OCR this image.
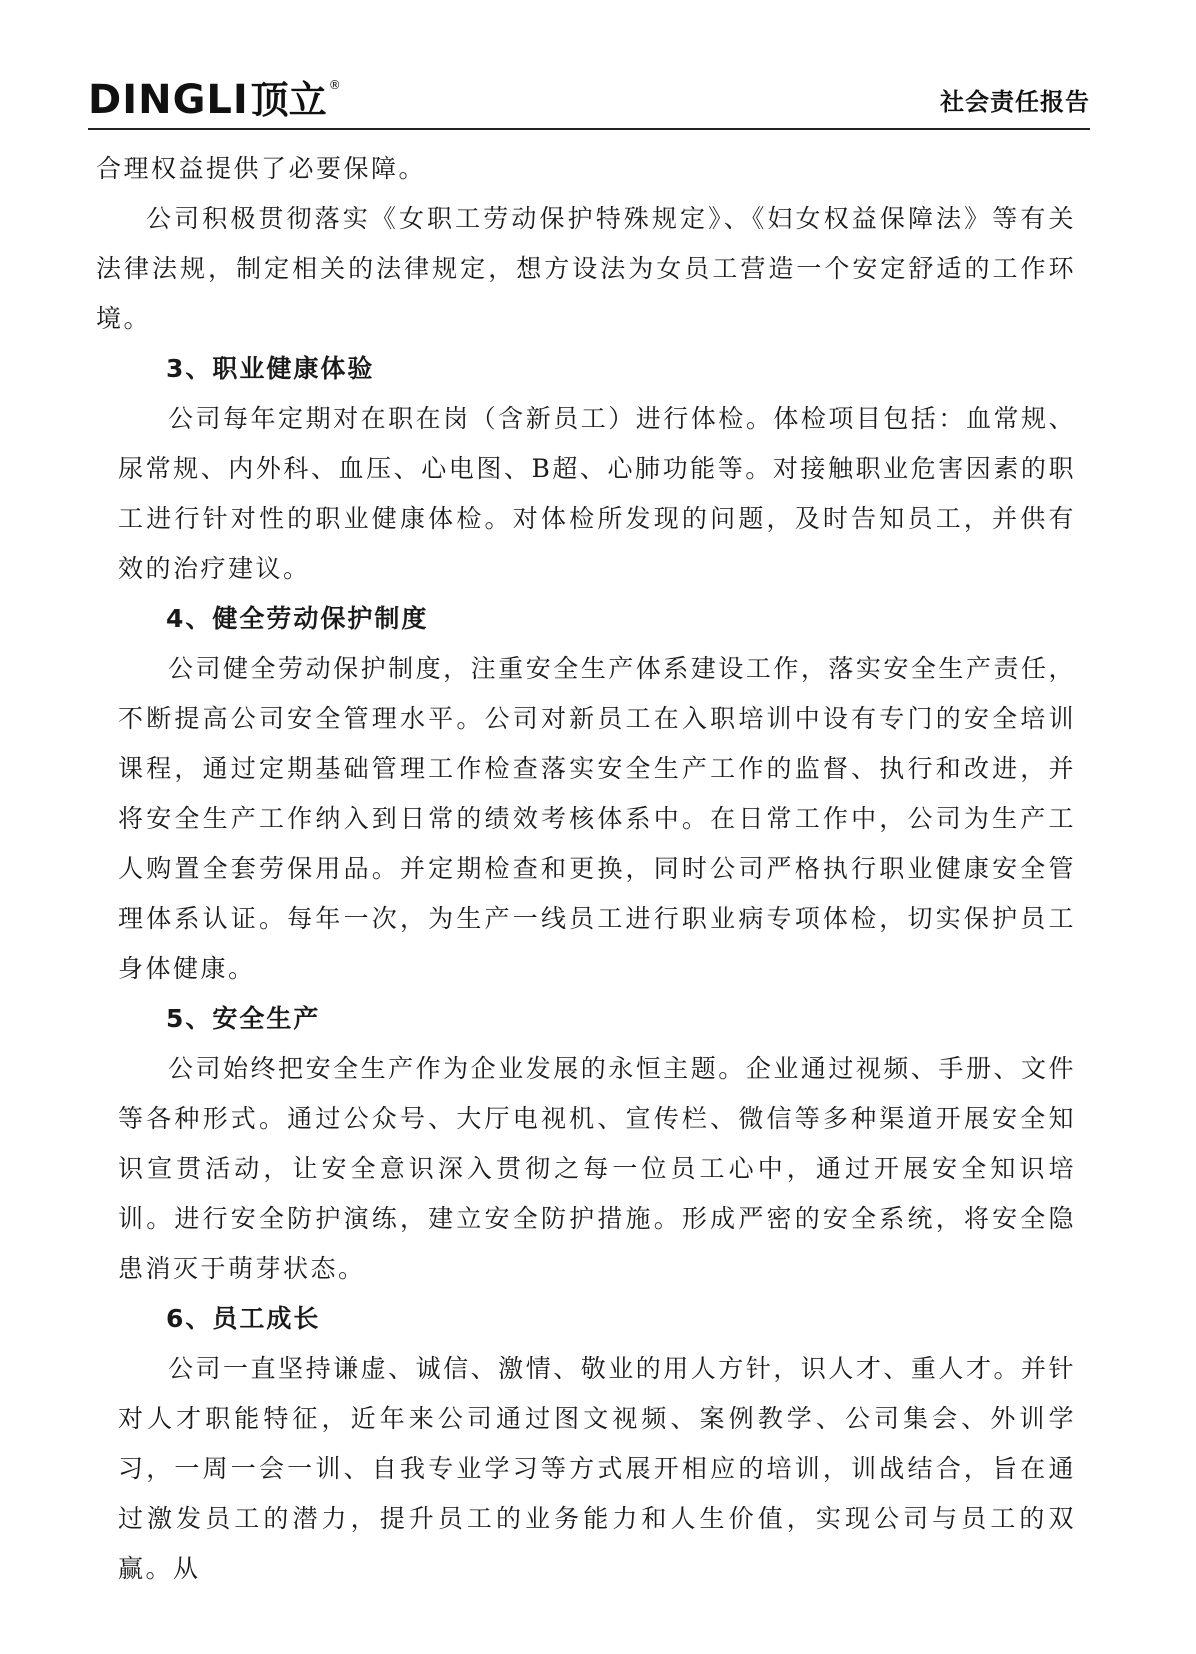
DINGLI 顶立 ®
社会责任报告

合理权益提供了必要保障。

公司积极贯彻落实《女职工劳动保护特殊规定》、《妇女权益保障法》等有关法律法规，制定相关的法律规定，想方设法为女员工营造一个安定舒适的工作环境。

3、职业健康体验

公司每年定期对在职在岗（含新员工）进行体检。体检项目包括：血常规、尿常规、内外科、血压、心电图、B超、心肺功能等。对接触职业危害因素的职工进行针对性的职业健康体检。对体检所发现的问题，及时告知员工，并供有效的治疗建议。

4、健全劳动保护制度

公司健全劳动保护制度，注重安全生产体系建设工作，落实安全生产责任，不断提高公司安全管理水平。公司对新员工在入职培训中设有专门的安全培训课程，通过定期基础管理工作检查落实安全生产工作的监督、执行和改进，并将安全生产工作纳入到日常的绩效考核体系中。在日常工作中，公司为生产工人购置全套劳保用品。并定期检查和更换，同时公司严格执行职业健康安全管理体系认证。每年一次，为生产一线员工进行职业病专项体检，切实保护员工身体健康。

5、安全生产

公司始终把安全生产作为企业发展的永恒主题。企业通过视频、手册、文件等各种形式。通过公众号、大厅电视机、宣传栏、微信等多种渠道开展安全知识宣贯活动，让安全意识深入贯彻之每一位员工心中，通过开展安全知识培训。进行安全防护演练，建立安全防护措施。形成严密的安全系统，将安全隐患消灭于萌芽状态。

6、员工成长

公司一直坚持谦虚、诚信、激情、敬业的用人方针，识人才、重人才。并针对人才职能特征，近年来公司通过图文视频、案例教学、公司集会、外训学习，一周一会一训、自我专业学习等方式展开相应的培训，训战结合，旨在通过激发员工的潜力，提升员工的业务能力和人生价值，实现公司与员工的双赢。从
